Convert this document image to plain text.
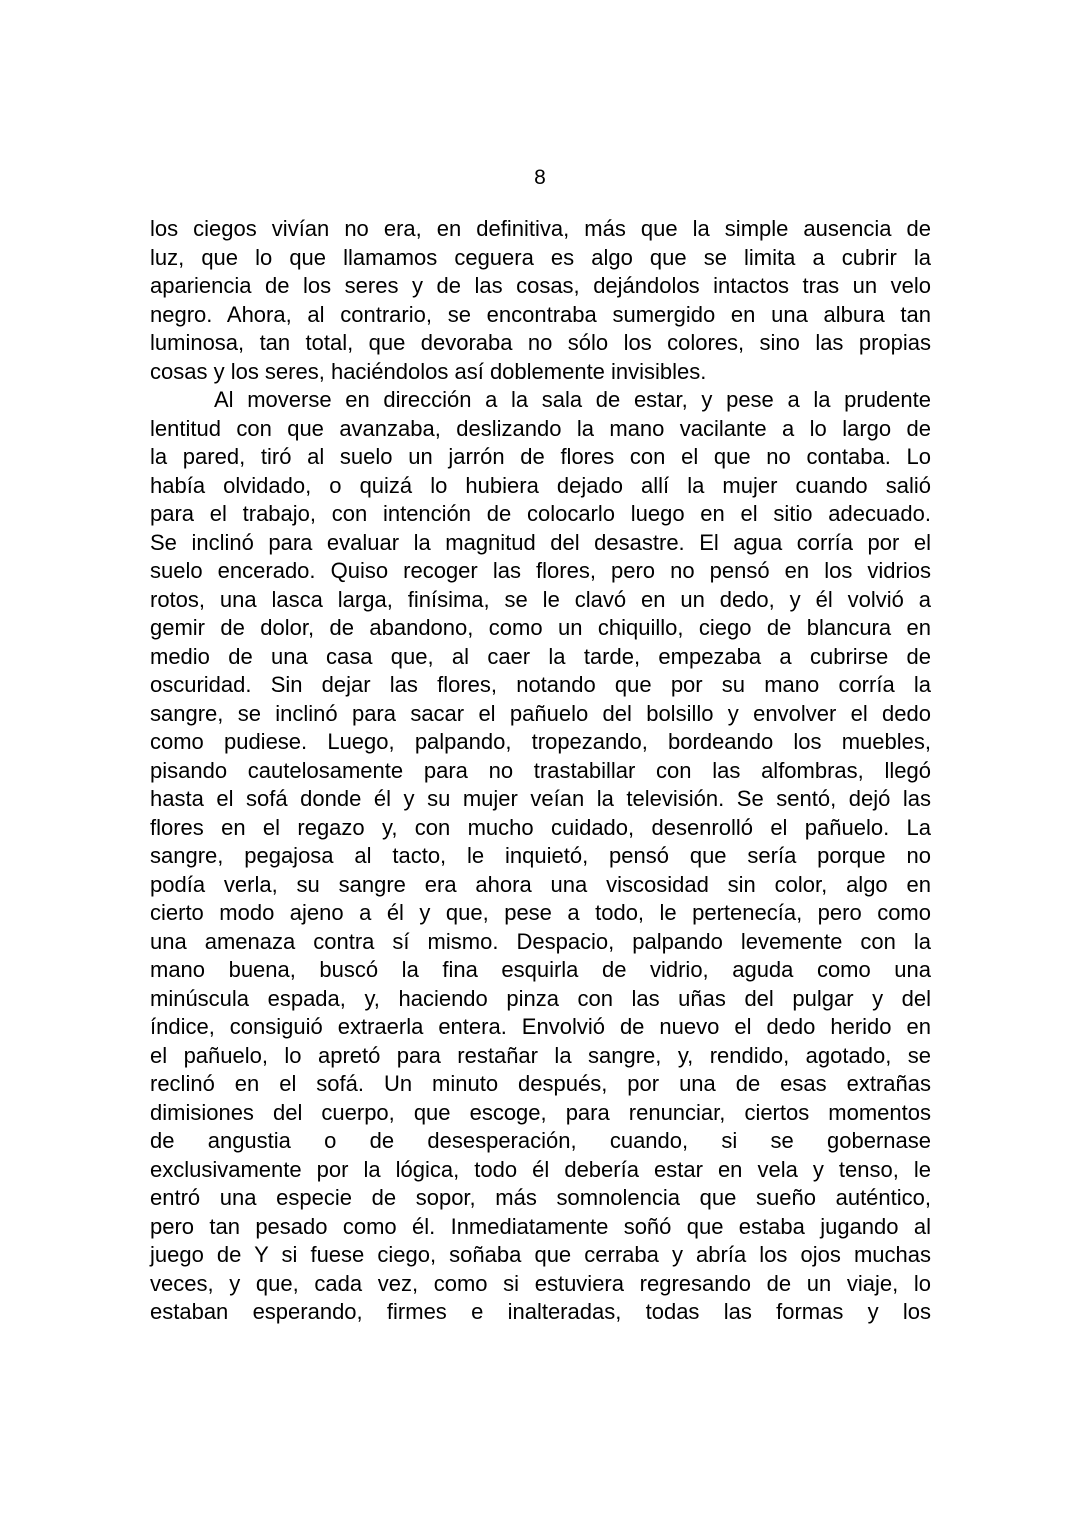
8
los ciegos vivían no era, en definitiva, más que la simple ausencia de
luz, que lo que llamamos ceguera es algo que se limita a cubrir la
apariencia de los seres y de las cosas, dejándolos intactos tras un velo
negro. Ahora, al contrario, se encontraba sumergido en una albura tan
luminosa, tan total, que devoraba no sólo los colores, sino las propias
cosas y los seres, haciéndolos así doblemente invisibles.
Al moverse en dirección a la sala de estar, y pese a la prudente
lentitud con que avanzaba, deslizando la mano vacilante a lo largo de
la pared, tiró al suelo un jarrón de flores con el que no contaba. Lo
había olvidado, o quizá lo hubiera dejado allí la mujer cuando salió
para el trabajo, con intención de colocarlo luego en el sitio adecuado.
Se inclinó para evaluar la magnitud del desastre. El agua corría por el
suelo encerado. Quiso recoger las flores, pero no pensó en los vidrios
rotos, una lasca larga, finísima, se le clavó en un dedo, y él volvió a
gemir de dolor, de abandono, como un chiquillo, ciego de blancura en
medio de una casa que, al caer la tarde, empezaba a cubrirse de
oscuridad. Sin dejar las flores, notando que por su mano corría la
sangre, se inclinó para sacar el pañuelo del bolsillo y envolver el dedo
como pudiese. Luego, palpando, tropezando, bordeando los muebles,
pisando cautelosamente para no trastabillar con las alfombras, llegó
hasta el sofá donde él y su mujer veían la televisión. Se sentó, dejó las
flores en el regazo y, con mucho cuidado, desenrolló el pañuelo. La
sangre, pegajosa al tacto, le inquietó, pensó que sería porque no
podía verla, su sangre era ahora una viscosidad sin color, algo en
cierto modo ajeno a él y que, pese a todo, le pertenecía, pero como
una amenaza contra sí mismo. Despacio, palpando levemente con la
mano buena, buscó la fina esquirla de vidrio, aguda como una
minúscula espada, y, haciendo pinza con las uñas del pulgar y del
índice, consiguió extraerla entera. Envolvió de nuevo el dedo herido en
el pañuelo, lo apretó para restañar la sangre, y, rendido, agotado, se
reclinó en el sofá. Un minuto después, por una de esas extrañas
dimisiones del cuerpo, que escoge, para renunciar, ciertos momentos
de angustia o de desesperación, cuando, si se gobernase
exclusivamente por la lógica, todo él debería estar en vela y tenso, le
entró una especie de sopor, más somnolencia que sueño auténtico,
pero tan pesado como él. Inmediatamente soñó que estaba jugando al
juego de Y si fuese ciego, soñaba que cerraba y abría los ojos muchas
veces, y que, cada vez, como si estuviera regresando de un viaje, lo
estaban esperando, firmes e inalteradas, todas las formas y los
